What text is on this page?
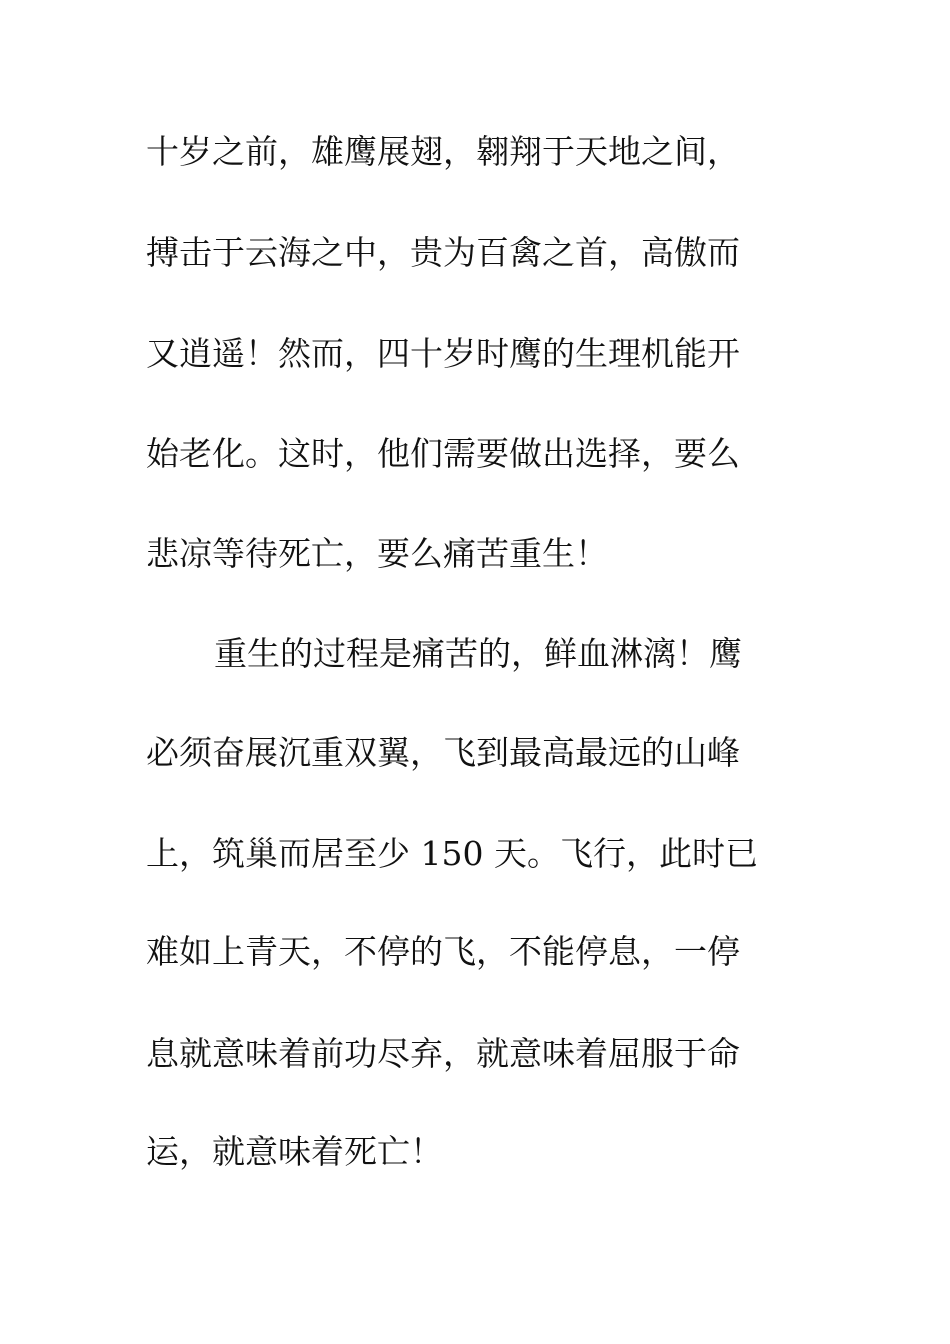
十岁之前，雄鹰展翅，翱翔于天地之间，
搏击于云海之中，贵为百禽之首，高傲而
又逍遥！然而，四十岁时鹰的生理机能开
始老化。这时，他们需要做出选择，要么
悲凉等待死亡，要么痛苦重生！
重生的过程是痛苦的，鲜血淋漓！鹰
必须奋展沉重双翼，飞到最高最远的山峰
上，筑巢而居至少 150 天。飞行，此时已
难如上青天，不停的飞，不能停息，一停
息就意味着前功尽弃，就意味着屈服于命
运，就意味着死亡！
